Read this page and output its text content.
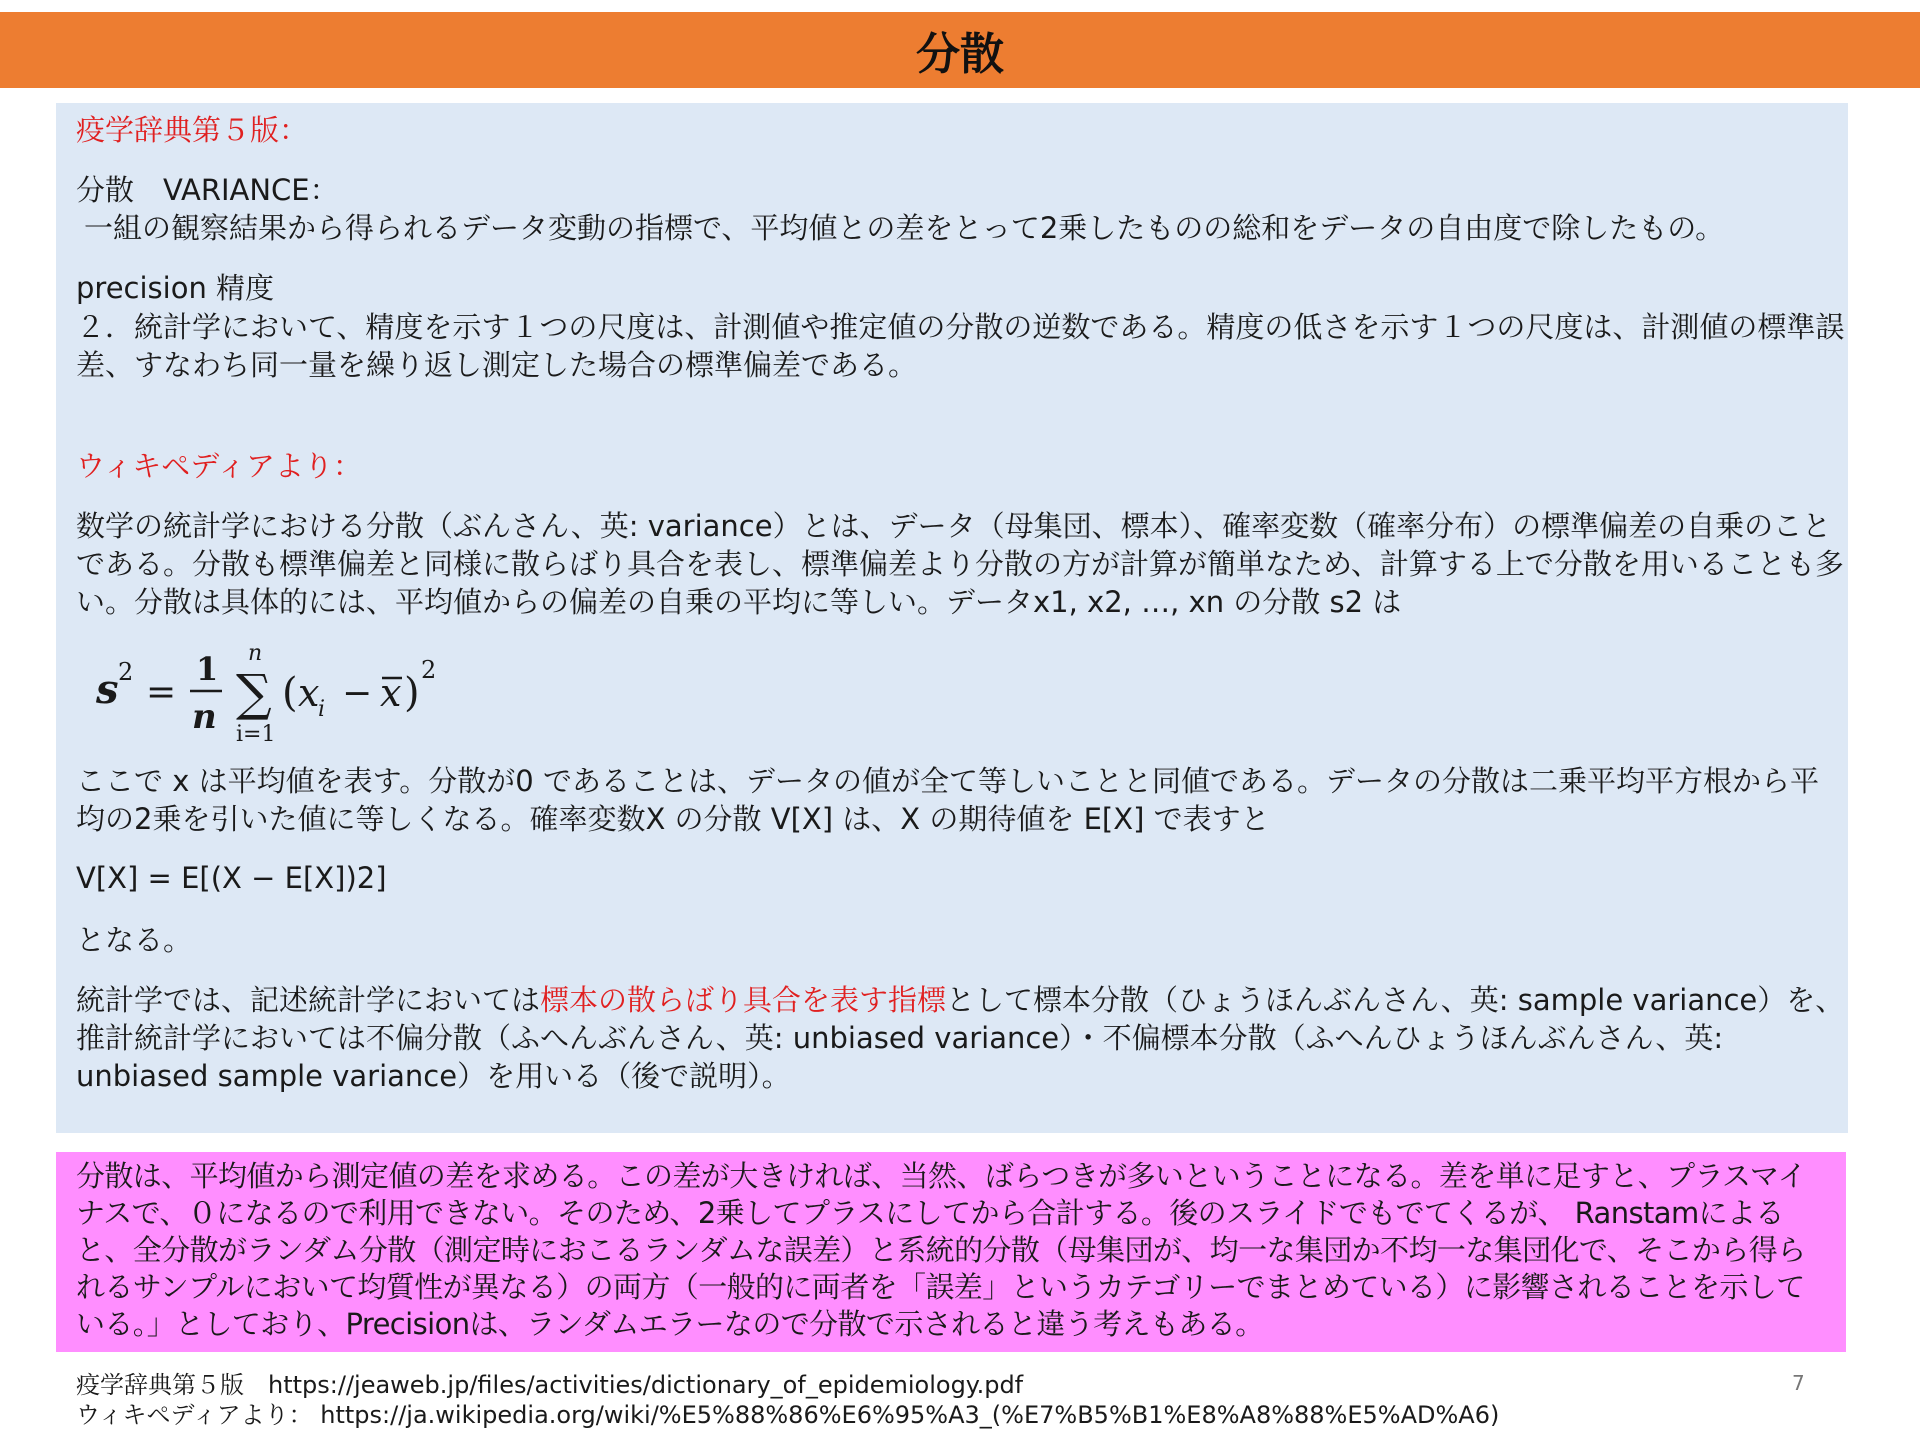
分散

疫学辞典第５版：

分散　VARIANCE：

一組の観察結果から得られるデータ変動の指標で、平均値との差をとって2乗したものの総和をデータの自由度で除したもの。

precision 精度

２．統計学において、精度を示す１つの尺度は、計測値や推定値の分散の逆数である。精度の低さを示す１つの尺度は、計測値の標準誤差、すなわち同一量を繰り返し測定した場合の標準偏差である。

ウィキペディアより：

数学の統計学における分散（ぶんさん、英: variance）とは、データ（母集団、標本）、確率変数（確率分布）の標準偏差の自乗のことである。分散も標準偏差と同様に散らばり具合を表し、標準偏差より分散の方が計算が簡単なため、計算する上で分散を用いることも多い。分散は具体的には、平均値からの偏差の自乗の平均に等しい。データx1, x2, …, xn の分散 s2 は

s 2 =
1
n
n
∑
i=1
( x
i − x ) 2

ここで x は平均値を表す。分散が0 であることは、データの値が全て等しいことと同値である。データの分散は二乗平均平方根から平均の2乗を引いた値に等しくなる。確率変数X の分散 V[X] は、X の期待値を E[X] で表すと

V[X] = E[(X − E[X])2]

となる。

統計学では、記述統計学においては標本の散らばり具合を表す指標として標本分散（ひょうほんぶんさん、英: sample variance）を、推計統計学においては不偏分散（ふへんぶんさん、英: unbiased variance）・不偏標本分散（ふへんひょうほんぶんさん、英: unbiased sample variance）を用いる（後で説明）。

分散は、平均値から測定値の差を求める。この差が大きければ、当然、ばらつきが多いということになる。差を単に足すと、プラスマイナスで、０になるので利用できない。そのため、2乗してプラスにしてから合計する。後のスライドでもでてくるが、 Ranstamによると、全分散がランダム分散（測定時におこるランダムな誤差）と系統的分散（母集団が、均一な集団か不均一な集団化で、そこから得られるサンプルにおいて均質性が異なる）の両方（一般的に両者を「誤差」というカテゴリーでまとめている）に影響されることを示している。」としており、Precisionは、ランダムエラーなので分散で示されると違う考えもある。

疫学辞典第５版　https://jeaweb.jp/files/activities/dictionary_of_epidemiology.pdf

ウィキペディアより： https://ja.wikipedia.org/wiki/%E5%88%86%E6%95%A3_(%E7%B5%B1%E8%A8%88%E5%AD%A6)

7
